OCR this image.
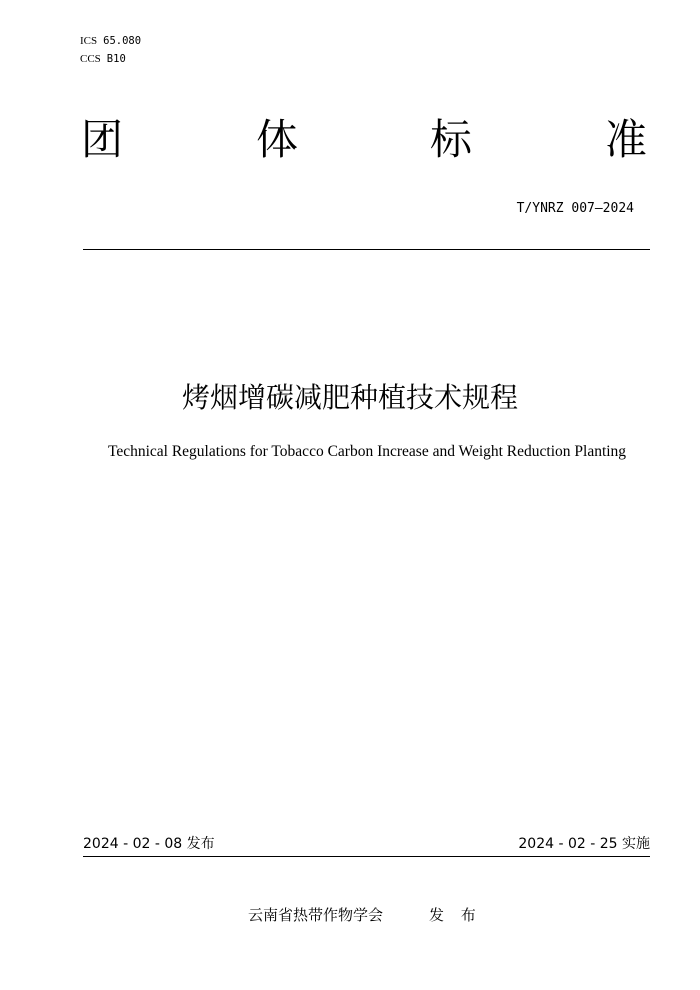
ICS 65.080
CCS B10
团	体	标	准
T/YNRZ 007—2024
烤烟增碳减肥种植技术规程
Technical Regulations for Tobacco Carbon Increase and Weight Reduction Planting
2024 - 02 - 08 发布	2024 - 02 - 25 实施
云南省热带作物学会	发 布
